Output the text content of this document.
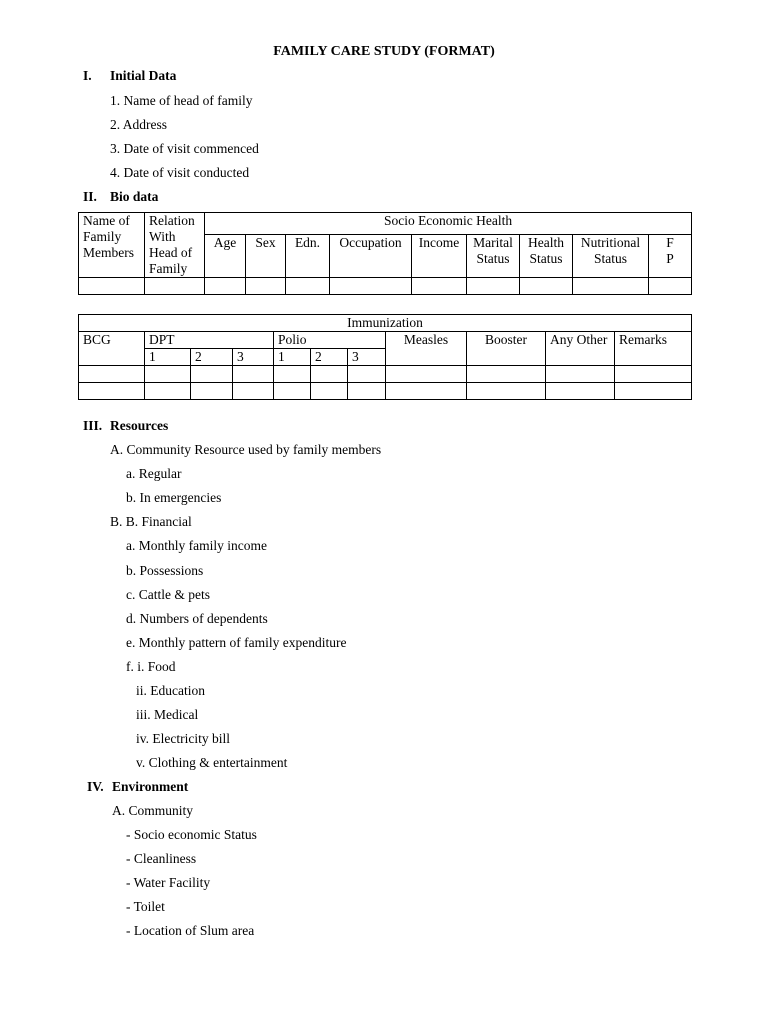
FAMILY CARE STUDY (FORMAT)
I. Initial Data
1. Name of head of family
2. Address
3. Date of visit commenced
4. Date of visit conducted
II. Bio data
Name of Family Members	Relation With Head of Family	Socio Economic Health								
		Age	Sex	Edn.	Occupation	Income	Marital Status	Health Status	Nutritional Status	F P

Immunization										
BCG	DPT			Polio			Measles	Booster	Any Other	Remarks
	1	2	3	1	2	3				

III. Resources
A. Community Resource used by family members
a. Regular
b. In emergencies
B. B. Financial
a. Monthly family income
b. Possessions
c. Cattle & pets
d. Numbers of dependents
e. Monthly pattern of family expenditure
f. i. Food
ii. Education
iii. Medical
iv. Electricity bill
v. Clothing & entertainment
IV. Environment
A. Community
- Socio economic Status
- Cleanliness
- Water Facility
- Toilet
- Location of Slum area
